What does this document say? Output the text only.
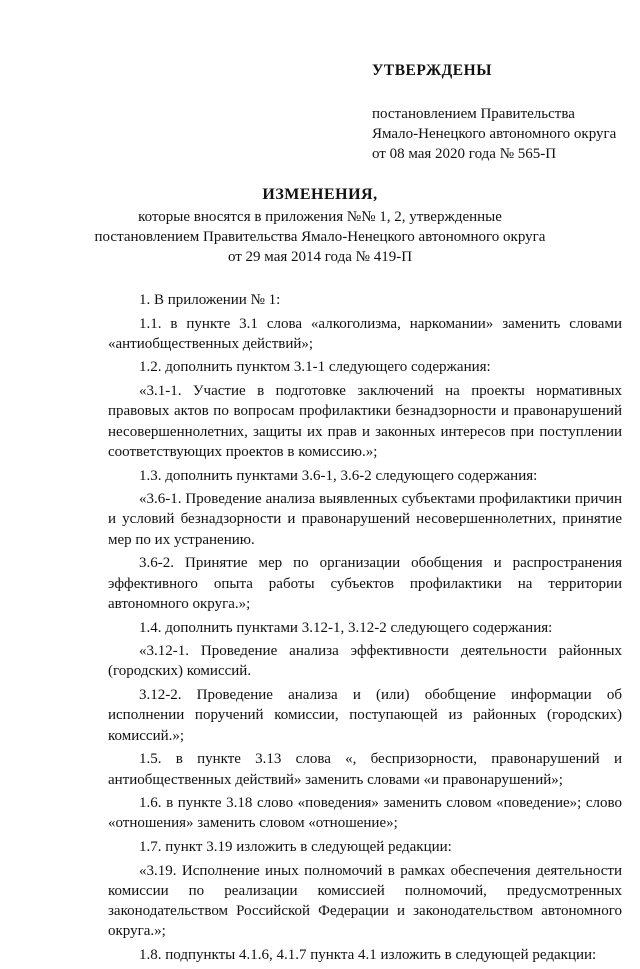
УТВЕРЖДЕНЫ
постановлением Правительства
Ямало-Ненецкого автономного округа
от 08 мая 2020 года № 565-П
ИЗМЕНЕНИЯ,
которые вносятся в приложения №№ 1, 2, утвержденные
постановлением Правительства Ямало-Ненецкого автономного округа
от 29 мая 2014 года № 419-П

1. В приложении № 1:

1.1. в пункте 3.1 слова «алкоголизма, наркомании» заменить словами «антиобщественных действий»;

1.2. дополнить пунктом 3.1-1 следующего содержания:

«3.1-1. Участие в подготовке заключений на проекты нормативных правовых актов по вопросам профилактики безнадзорности и правонарушений несовершеннолетних, защиты их прав и законных интересов при поступлении соответствующих проектов в комиссию.»;

1.3. дополнить пунктами 3.6-1, 3.6-2 следующего содержания:

«3.6-1. Проведение анализа выявленных субъектами профилактики причин и условий безнадзорности и правонарушений несовершеннолетних, принятие мер по их устранению.

3.6-2. Принятие мер по организации обобщения и распространения эффективного опыта работы субъектов профилактики на территории автономного округа.»;

1.4. дополнить пунктами 3.12-1, 3.12-2 следующего содержания:

«3.12-1. Проведение анализа эффективности деятельности районных (городских) комиссий.

3.12-2. Проведение анализа и (или) обобщение информации об исполнении поручений комиссии, поступающей из районных (городских) комиссий.»;

1.5. в пункте 3.13 слова «, беспризорности, правонарушений и антиобщественных действий» заменить словами «и правонарушений»;

1.6. в пункте 3.18 слово «поведения» заменить словом «поведение»; слово «отношения» заменить словом «отношение»;

1.7. пункт 3.19 изложить в следующей редакции:

«3.19. Исполнение иных полномочий в рамках обеспечения деятельности комиссии по реализации комиссией полномочий, предусмотренных законодательством Российской Федерации и законодательством автономного округа.»;

1.8. подпункты 4.1.6, 4.1.7 пункта 4.1 изложить в следующей редакции:
